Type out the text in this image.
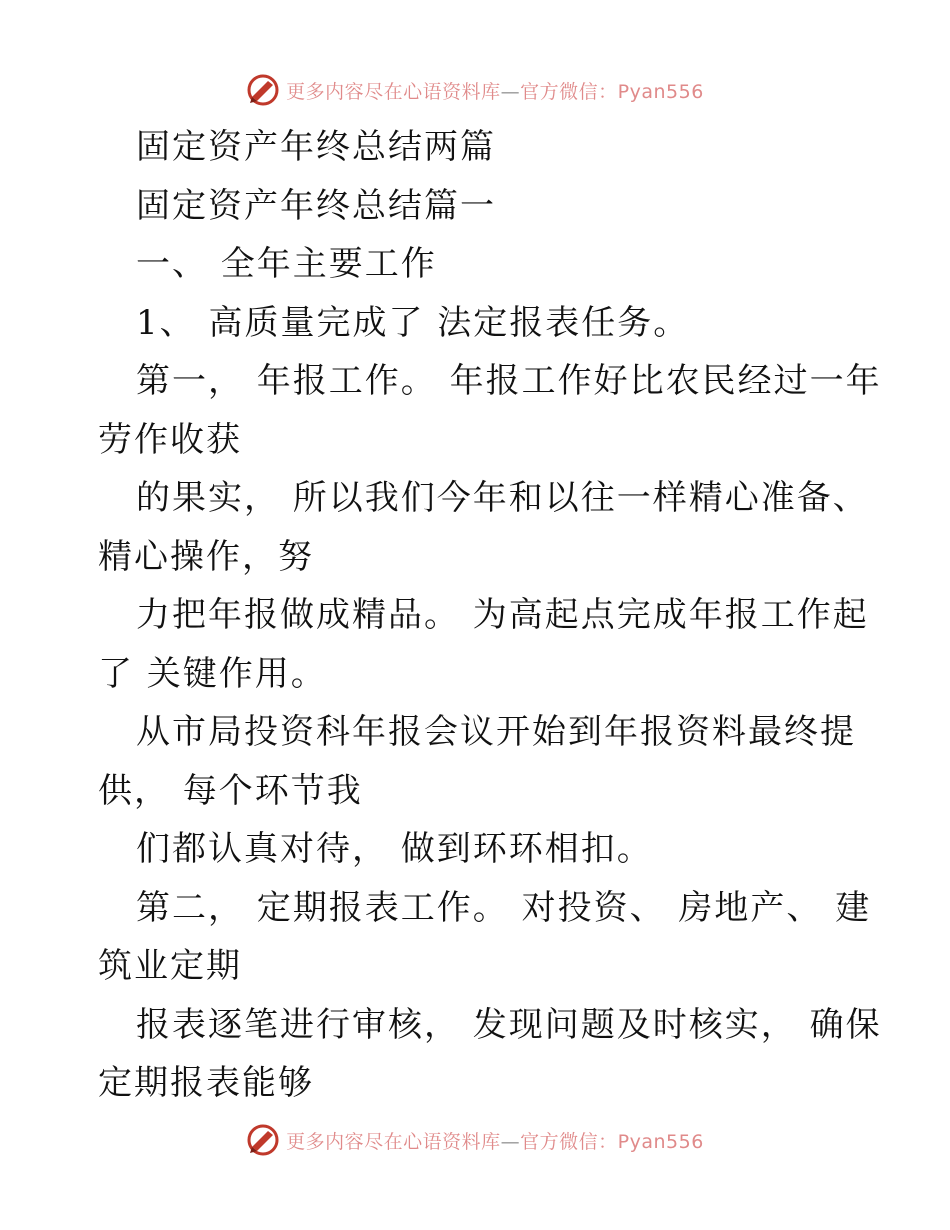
更多内容尽在心语资料库—官方微信：Pyan556
固定资产年终总结两篇
固定资产年终总结篇一
一、 全年主要工作
1、 高质量完成了 法定报表任务。
第一， 年报工作。 年报工作好比农民经过一年
劳作收获
的果实， 所以我们今年和以往一样精心准备、
精心操作，努
力把年报做成精品。 为高起点完成年报工作起
了 关键作用。
从市局投资科年报会议开始到年报资料最终提
供， 每个环节我
们都认真对待， 做到环环相扣。
第二， 定期报表工作。 对投资、 房地产、 建
筑业定期
报表逐笔进行审核， 发现问题及时核实， 确保
定期报表能够
更多内容尽在心语资料库—官方微信：Pyan556
